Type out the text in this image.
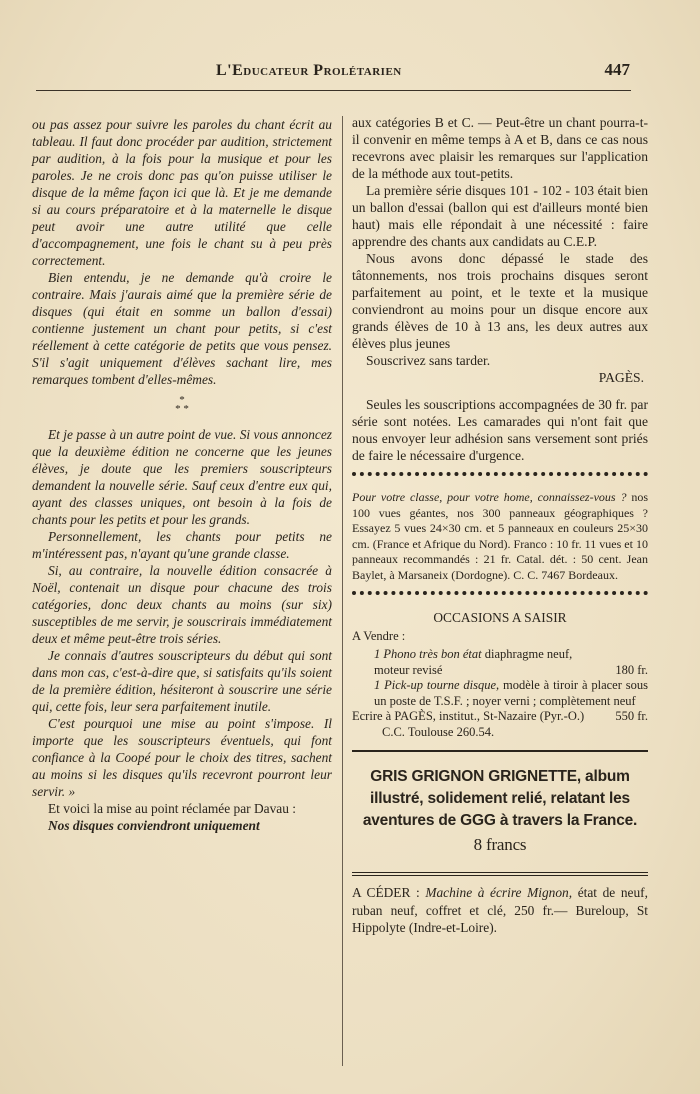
L'Educateur Prolétarien	447

ou pas assez pour suivre les paroles du chant écrit au tableau. Il faut donc procéder par audition, strictement par audition, à la fois pour la musique et pour les paroles. Je ne crois donc pas qu'on puisse utiliser le disque de la même façon ici que là. Et je me demande si au cours préparatoire et à la maternelle le disque peut avoir une autre utilité que celle d'accompagnement, une fois le chant su à peu près correctement.

Bien entendu, je ne demande qu'à croire le contraire. Mais j'aurais aimé que la première série de disques (qui était en somme un ballon d'essai) contienne justement un chant pour petits, si c'est réellement à cette catégorie de petits que vous pensez. S'il s'agit uniquement d'élèves sachant lire, mes remarques tombent d'elles-mêmes.

*
* *

Et je passe à un autre point de vue. Si vous annoncez que la deuxième édition ne concerne que les jeunes élèves, je doute que les premiers souscripteurs demandent la nouvelle série. Sauf ceux d'entre eux qui, ayant des classes uniques, ont besoin à la fois de chants pour les petits et pour les grands.

Personnellement, les chants pour petits ne m'intéressent pas, n'ayant qu'une grande classe.

Si, au contraire, la nouvelle édition consacrée à Noël, contenait un disque pour chacune des trois catégories, donc deux chants au moins (sur six) susceptibles de me servir, je souscrirais immédiatement deux et même peut-être trois séries.

Je connais d'autres souscripteurs du début qui sont dans mon cas, c'est-à-dire que, si satisfaits qu'ils soient de la première édition, hésiteront à souscrire une série qui, cette fois, leur sera parfaitement inutile.

C'est pourquoi une mise au point s'impose. Il importe que les souscripteurs éventuels, qui font confiance à la Coopé pour le choix des titres, sachent au moins si les disques qu'ils recevront pourront leur servir. »

Et voici la mise au point réclamée par Davau :

Nos disques conviendront uniquement

aux catégories B et C. — Peut-être un chant pourra-t-il convenir en même temps à A et B, dans ce cas nous recevrons avec plaisir les remarques sur l'application de la méthode aux tout-petits.

La première série disques 101 - 102 - 103 était bien un ballon d'essai (ballon qui est d'ailleurs monté bien haut) mais elle répondait à une nécessité : faire apprendre des chants aux candidats au C.E.P.

Nous avons donc dépassé le stade des tâtonnements, nos trois prochains disques seront parfaitement au point, et le texte et la musique conviendront au moins pour un disque encore aux grands élèves de 10 à 13 ans, les deux autres aux élèves plus jeunes

Souscrivez sans tarder.

PAGÈS.

Seules les souscriptions accompagnées de 30 fr. par série sont notées. Les camarades qui n'ont fait que nous envoyer leur adhésion sans versement sont priés de faire le nécessaire d'urgence.

Pour votre classe, pour votre home, connaissez-vous ? nos 100 vues géantes, nos 300 panneaux géographiques ? Essayez 5 vues 24×30 cm. et 5 panneaux en couleurs 25×30 cm. (France et Afrique du Nord). Franco : 10 fr. 11 vues et 10 panneaux recommandés : 21 fr. Catal. dét. : 50 cent. Jean Baylet, à Marsaneix (Dordogne). C. C. 7467 Bordeaux.
OCCASIONS A SAISIR
A Vendre :
1 Phono très bon état diaphragme neuf,
moteur revisé	180 fr.
1 Pick-up tourne disque, modèle à tiroir à placer sous un poste de T.S.F. ; noyer verni ; complètement neuf
550 fr.
Ecrire à PAGÈS, institut., St-Nazaire (Pyr.-O.)
C.C. Toulouse 260.54.
GRIS GRIGNON GRIGNETTE, album
illustré, solidement relié, relatant les
aventures de GGG à travers la France.
8 francs
A CÉDER : Machine à écrire Mignon, état de neuf, ruban neuf, coffret et clé, 250 fr.— Bureloup, St Hippolyte (Indre-et-Loire).
